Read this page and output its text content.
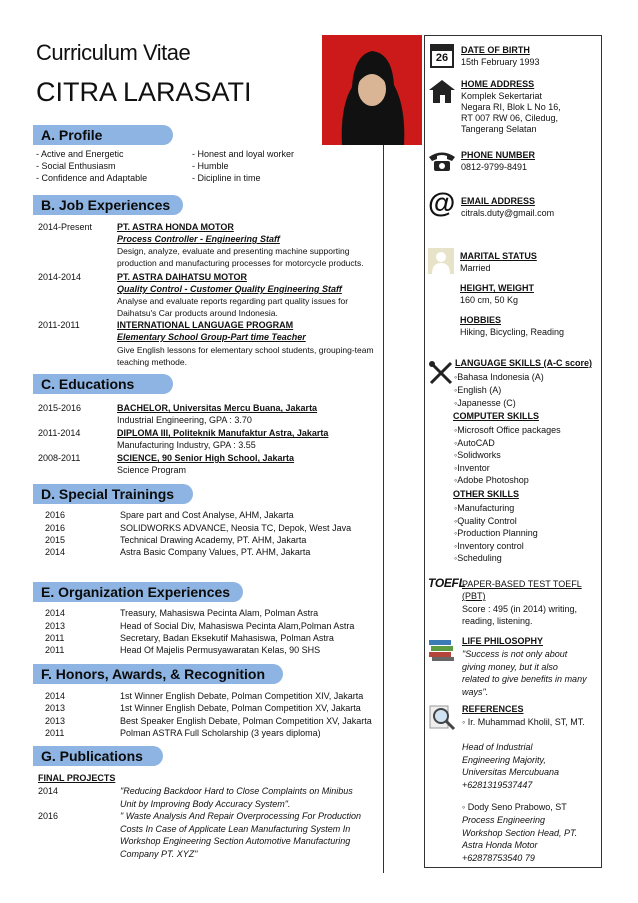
Curriculum Vitae
CITRA LARASATI
A. Profile
- Active and Energetic
- Social Enthusiasm
- Confidence and Adaptable
- Honest and loyal worker
- Humble
- Dicipline in time
B. Job Experiences
2014-Present	PT. ASTRA HONDA MOTOR
Process Controller - Engineering Staff
Design, analyze, evaluate and presenting machine supporting production and manufacturing processes for motorcycle products.
2014-2014	PT. ASTRA DAIHATSU MOTOR
Quality Control - Customer Quality Engineering Staff
Analyse and evaluate reports regarding part quality issues for Daihatsu's Car products around Indonesia.
2011-2011	INTERNATIONAL LANGUAGE PROGRAM
Elementary School Group-Part time Teacher
Give English lessons for elementary school students, grouping-team teaching methode.
C. Educations
2015-2016	BACHELOR, Universitas Mercu Buana, Jakarta
Industrial Engineering, GPA : 3.70
2011-2014	DIPLOMA III, Politeknik Manufaktur Astra, Jakarta
Manufacturing Industry, GPA : 3.55
2008-2011	SCIENCE, 90 Senior High School, Jakarta
Science Program
D. Special Trainings
2016	Spare part and Cost Analyse, AHM, Jakarta
2016	SOLIDWORKS ADVANCE, Neosia TC, Depok, West Java
2015	Technical Drawing Academy, PT. AHM, Jakarta
2014	Astra Basic Company Values, PT. AHM, Jakarta
E. Organization Experiences
2014	Treasury, Mahasiswa Pecinta Alam, Polman Astra
2013	Head of Social Div, Mahasiswa Pecinta Alam,Polman Astra
2011	Secretary, Badan Eksekutif Mahasiswa, Polman Astra
2011	Head Of Majelis Permusyawaratan Kelas, 90 SHS
F. Honors, Awards, & Recognition
2014	1st Winner English Debate, Polman Competition XIV, Jakarta
2013	1st Winner English Debate, Polman Competition XV, Jakarta
2013	Best Speaker English Debate, Polman Competition XV, Jakarta
2011	Polman ASTRA Full Scholarship (3 years diploma)
G. Publications
FINAL PROJECTS
2014	"Reducing Backdoor Hard to Close Complaints on Minibus Unit by Improving Body Accuracy System".
2016	" Waste Analysis And Repair Overprocessing For Production Costs In Case of Applicate Lean Manufacturing System In Workshop Engineering Section Automotive Manufacturing Company PT. XYZ"
26
DATE OF BIRTH
15th February 1993
HOME ADDRESS
Komplek Sekertariat
Negara RI, Blok L No 16,
RT 007 RW 06, Ciledug,
Tangerang Selatan
PHONE NUMBER
0812-9799-8491
@ EMAIL ADDRESS
citrals.duty@gmail.com
MARITAL STATUS
Married
HEIGHT, WEIGHT
160 cm, 50 Kg
HOBBIES
Hiking, Bicycling, Reading
LANGUAGE SKILLS (A-C score)
◦ Bahasa Indonesia (A)
◦ English (A)
◦ Japanesse (C)
COMPUTER SKILLS
◦ Microsoft Office packages
◦ AutoCAD
◦ Solidworks
◦ Inventor
◦ Adobe Photoshop
OTHER SKILLS
◦ Manufacturing
◦ Quality Control
◦ Production Planning
◦ Inventory control
◦ Scheduling
TOEFL
PAPER-BASED TEST TOEFL
(PBT)
Score : 495 (in 2014) writing, reading, listening.
LIFE PHILOSOPHY
"Success is not only about giving money, but it also related to give benefits in many ways".
REFERENCES
◦ Ir. Muhammad Kholil, ST, MT.
Head of Industrial Engineering Majority, Universitas Mercubuana +6281319537447
◦ Dody Seno Prabowo, ST
Process Engineering Workshop Section Head, PT. Astra Honda Motor +62878753540 79
